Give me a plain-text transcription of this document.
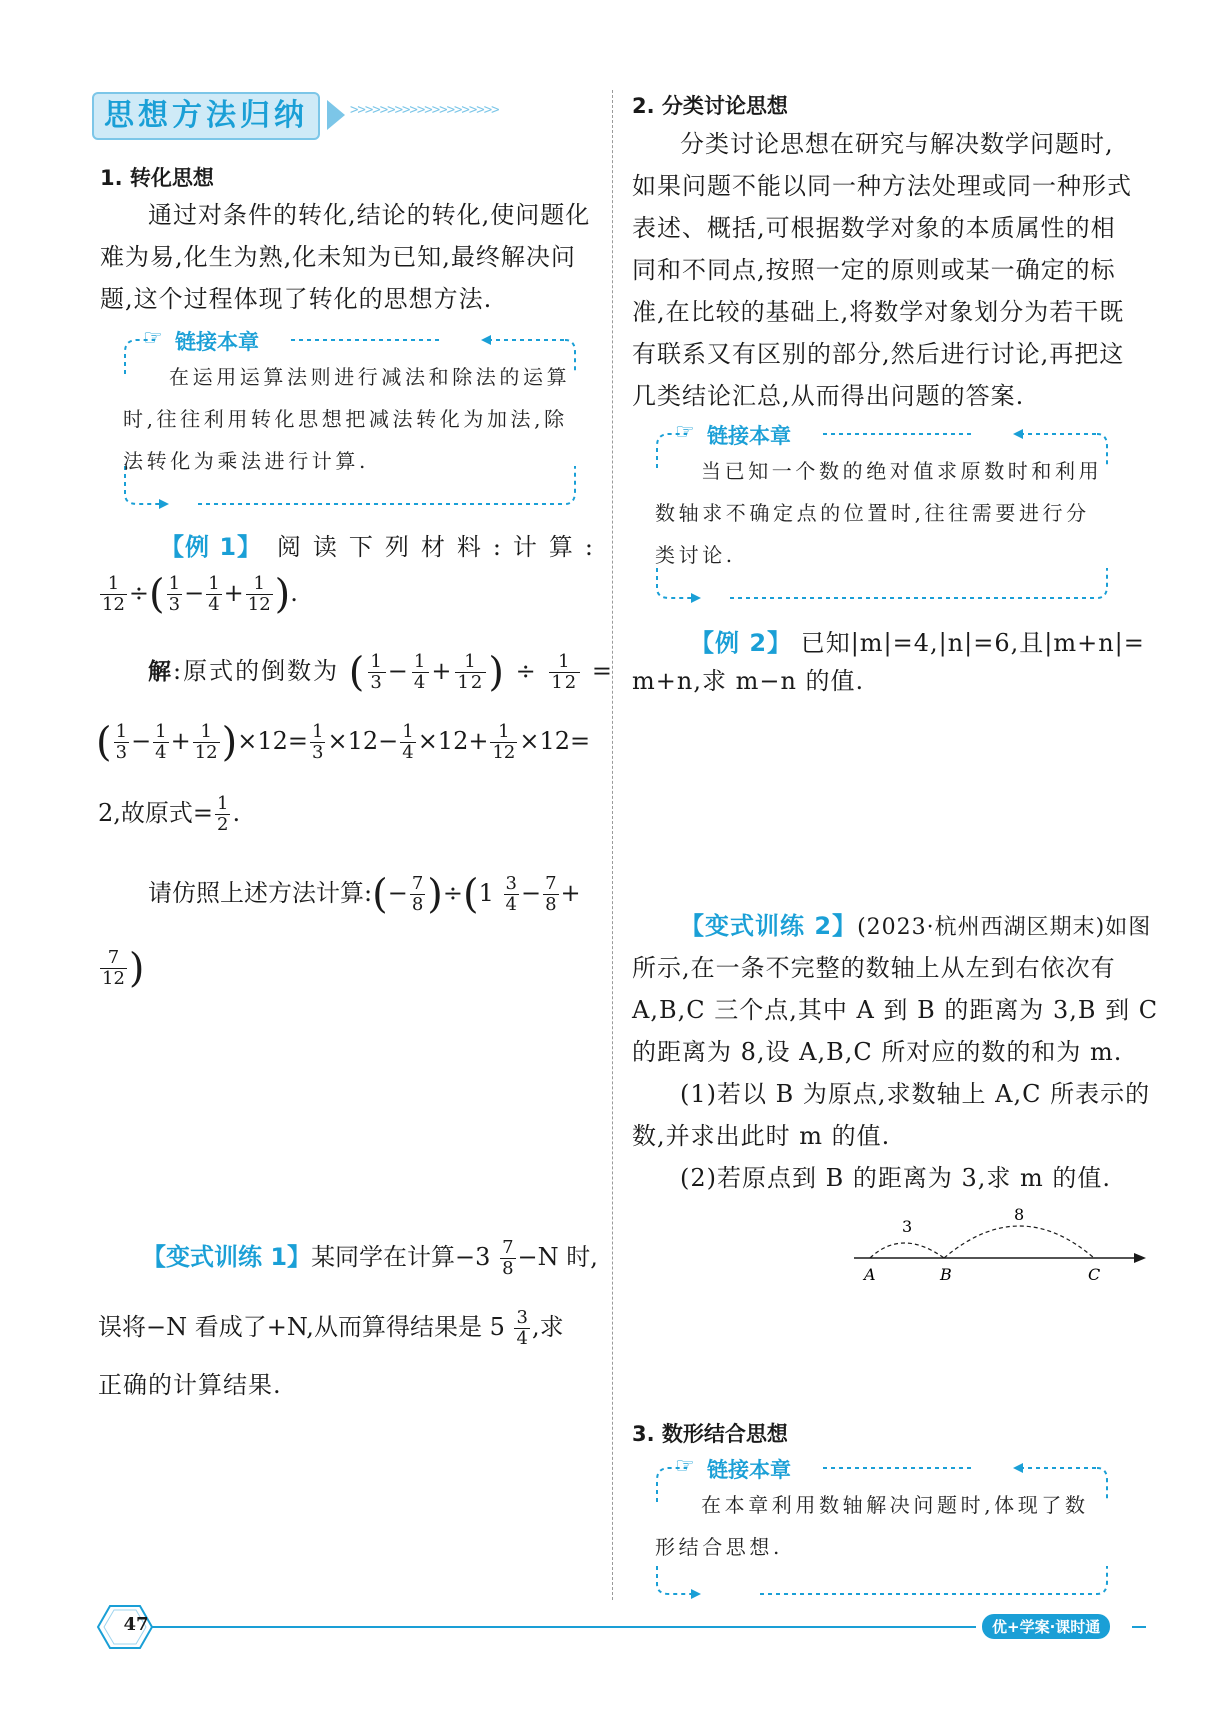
思想方法归纳	>>>>>>>>>>>>>>>>>>>>
1. 转化思想
通过对条件的转化,结论的转化,使问题化难为易,化生为熟,化未知为已知,最终解决问题,这个过程体现了转化的思想方法.
☞ 链接本章
在运用运算法则进行减法和除法的运算时,往往利用转化思想把减法转化为加法,除法转化为乘法进行计算.
【例 1】 阅读下列材料:计算:
$\frac{1}{12}$ ÷( $\frac{1}{3} - \frac{1}{4} + \frac{1}{12}$ ).
解:原式的倒数为 ( $\frac{1}{3} - \frac{1}{4} + \frac{1}{12}$ ) ÷ $\frac{1}{12}$ =
( $\frac{1}{3} - \frac{1}{4} + \frac{1}{12} )\times 12= \frac{1}{3} \times 12- \frac{1}{4} \times 12+ \frac{1}{12} \times 12=$
2,故原式= $\frac{1}{2}$ .
请仿照上述方法计算:(− $\frac{7}{8} )\div(1 \frac{3}{4} - \frac{7}{8}$ +
$\frac{7}{12}$ )
【变式训练 1】某同学在计算$-3 \frac{7}{8} -N$ 时,
误将−N 看成了+N,从而算得结果是 $5 \frac{3}{4}$ ,求
正确的计算结果.
2. 分类讨论思想
分类讨论思想在研究与解决数学问题时,如果问题不能以同一种方法处理或同一种形式表述、概括,可根据数学对象的本质属性的相同和不同点,按照一定的原则或某一确定的标准,在比较的基础上,将数学对象划分为若干既有联系又有区别的部分,然后进行讨论,再把这几类结论汇总,从而得出问题的答案.
☞ 链接本章
当已知一个数的绝对值求原数时和利用数轴求不确定点的位置时,往往需要进行分类讨论.
【例 2】 已知|m|=4,|n|=6,且|m+n|=
m+n,求 m−n 的值.
【变式训练 2】(2023·杭州西湖区期末)如图
所示,在一条不完整的数轴上从左到右依次有
A,B,C 三个点,其中 A 到 B 的距离为 3,B 到 C
的距离为 8,设 A,B,C 所对应的数的和为 m.
(1)若以 B 为原点,求数轴上 A,C 所表示的
数,并求出此时 m 的值.
(2)若原点到 B 的距离为 3,求 m 的值.
3
8
A	B	C
3. 数形结合思想
☞ 链接本章
在本章利用数轴解决问题时,体现了数形结合思想.
47	优+学案·课时通
